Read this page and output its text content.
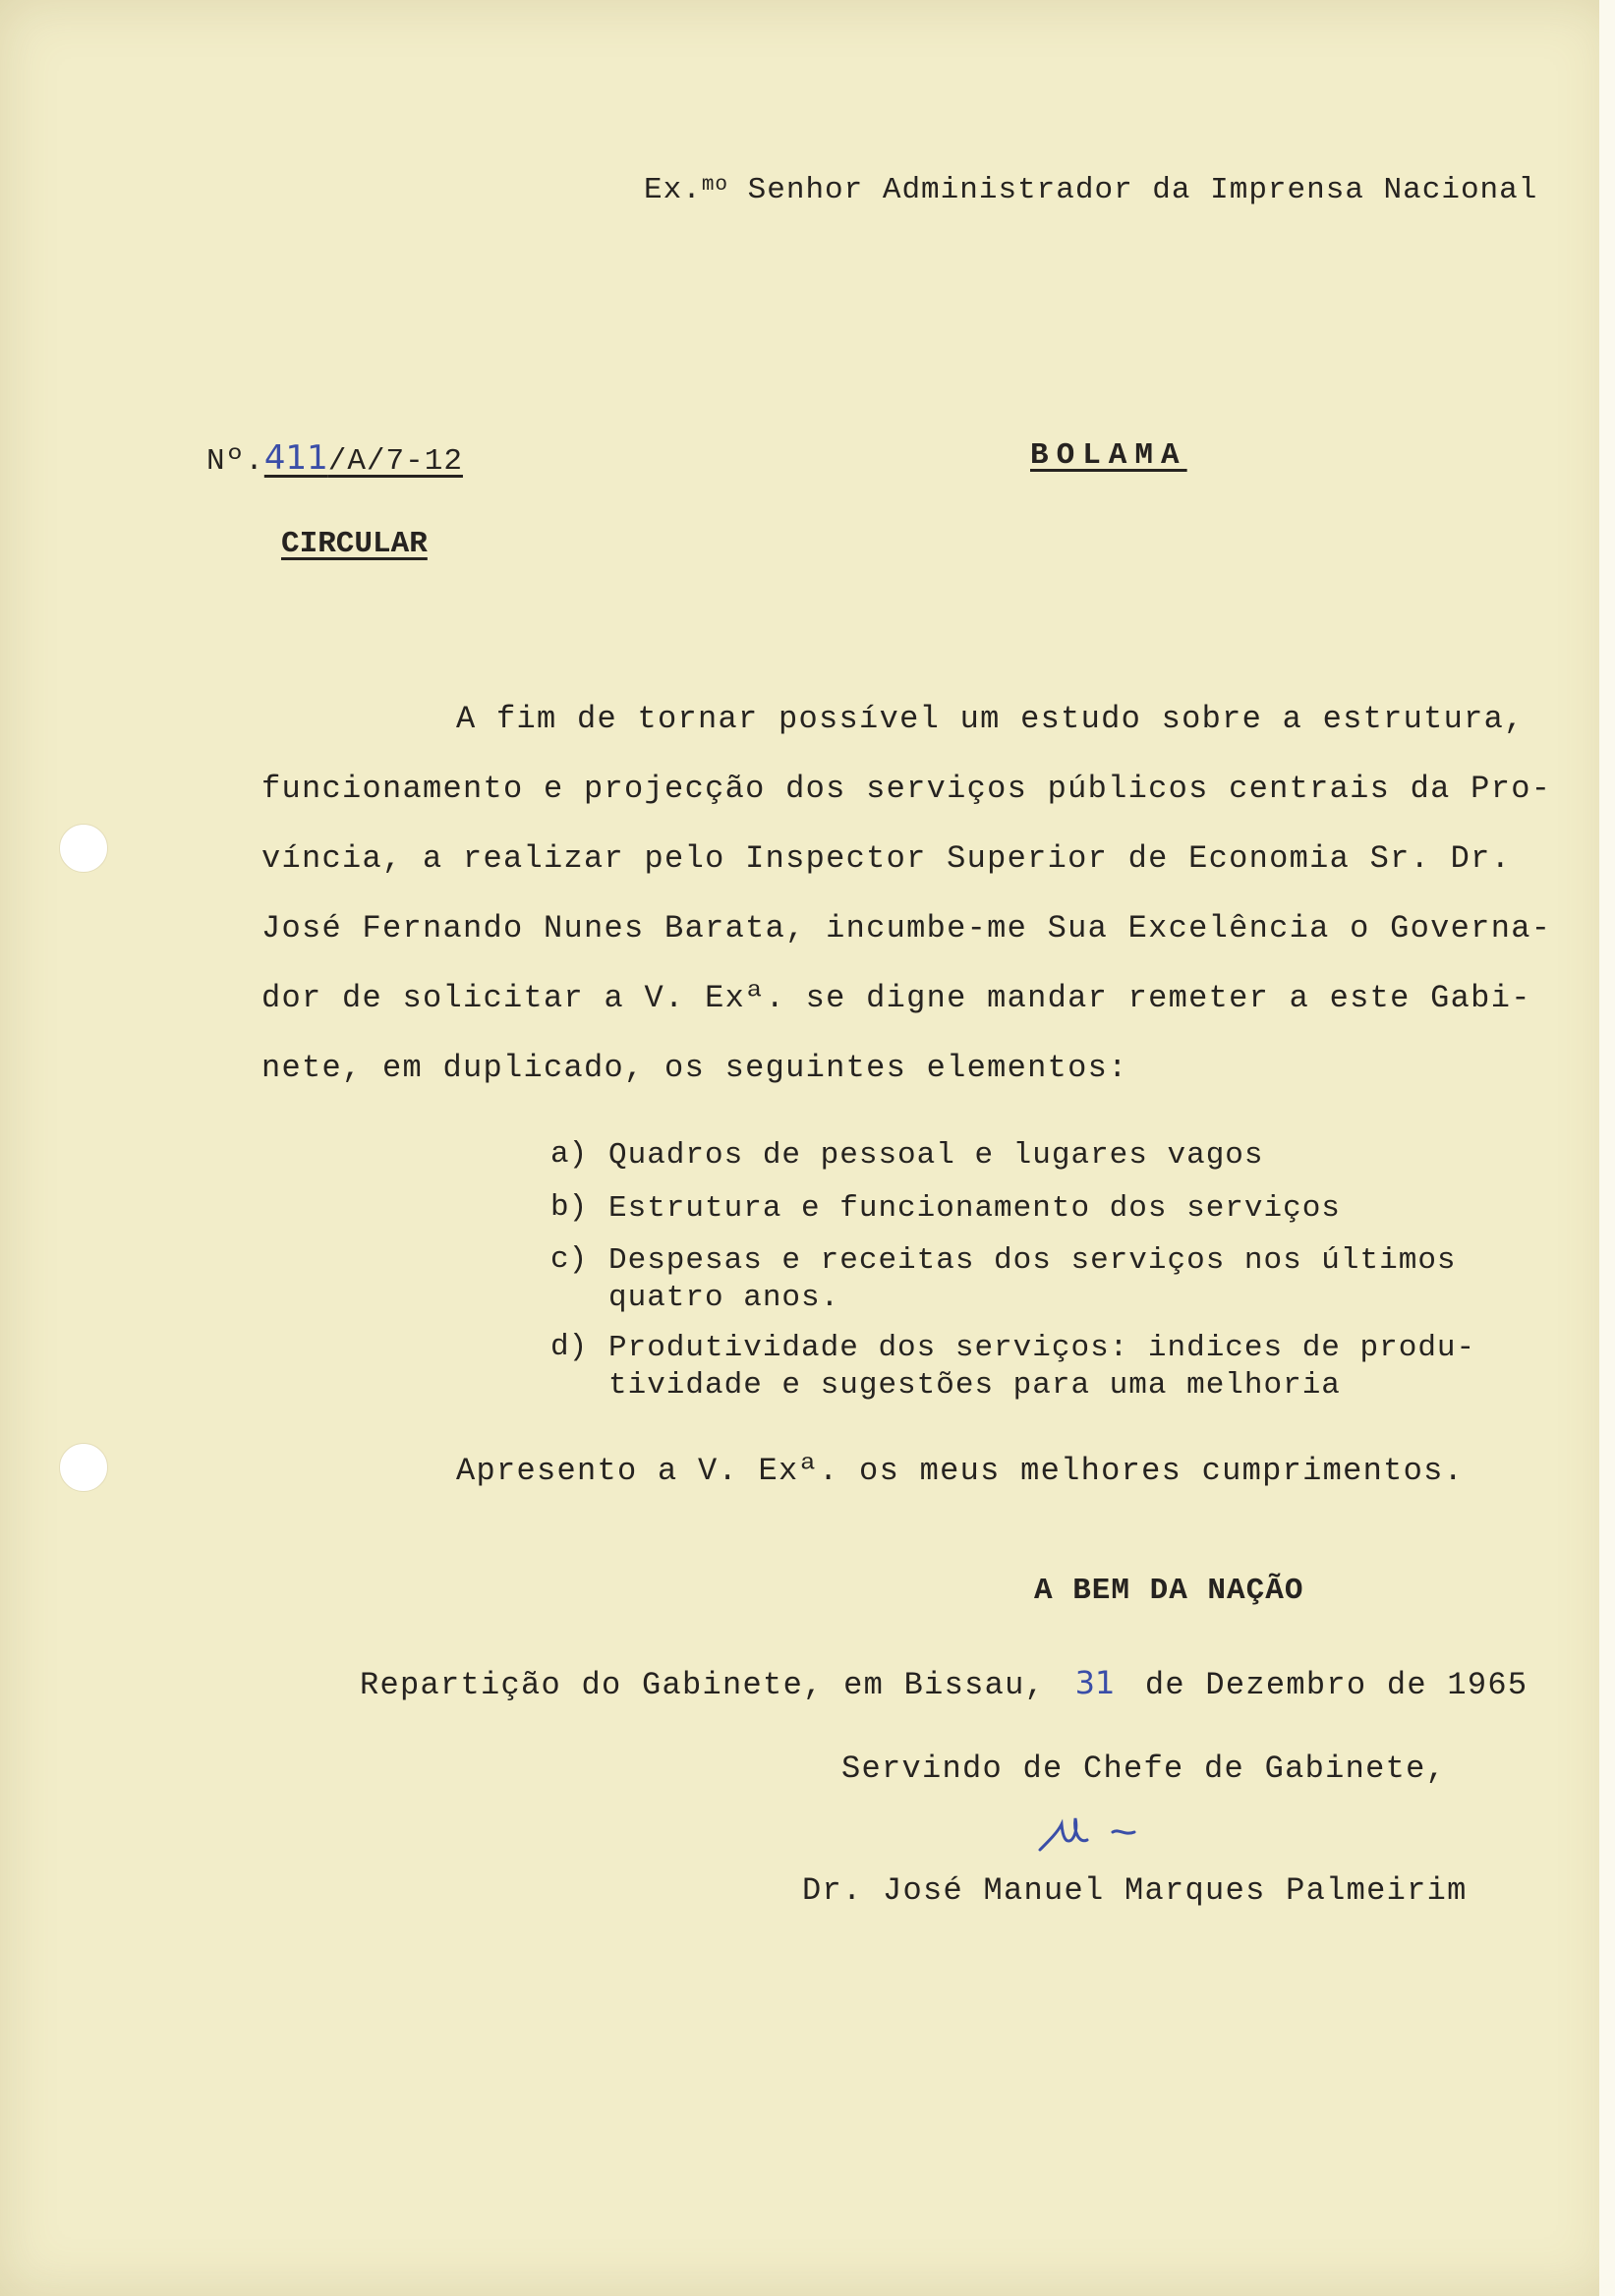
Ex.$^{mo}$ Senhor Administrador da Imprensa Nacional
Nº.411/A/7-12	BOLAMA
CIRCULAR
A fim de tornar possível um estudo sobre a estrutura,
funcionamento e projecção dos serviços públicos centrais da Pro-
víncia, a realizar pelo Inspector Superior de Economia Sr. Dr.
José Fernando Nunes Barata, incumbe-me Sua Excelência o Governa-
dor de solicitar a V. Exª. se digne mandar remeter a este Gabi-
nete, em duplicado, os seguintes elementos:
a) Quadros de pessoal e lugares vagos
b) Estrutura e funcionamento dos serviços
c) Despesas e receitas dos serviços nos últimos
quatro anos.
d) Produtividade dos serviços: indices de produ-
tividade e sugestões para uma melhoria
Apresento a V. Exª. os meus melhores cumprimentos.
A BEM DA NAÇÃO
Repartição do Gabinete, em Bissau, 31 de Dezembro de 1965
Servindo de Chefe de Gabinete,
Dr. José Manuel Marques Palmeirim
